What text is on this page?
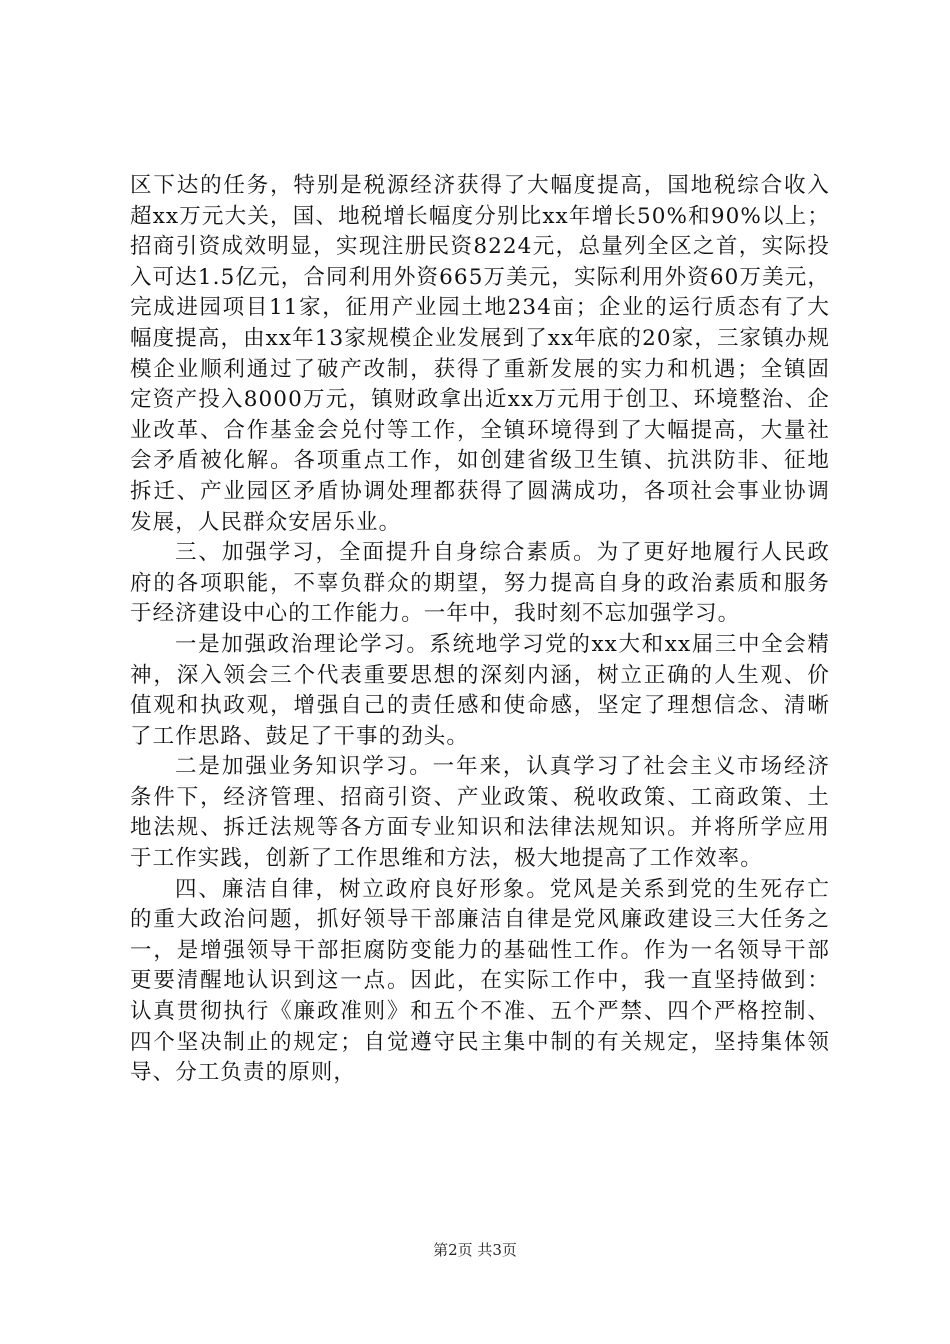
区下达的任务，特别是税源经济获得了大幅度提高，国地税综合收入超xx万元大关，国、地税增长幅度分别比xx年增长50%和90%以上；招商引资成效明显，实现注册民资8224元，总量列全区之首，实际投入可达1.5亿元，合同利用外资665万美元，实际利用外资60万美元，完成进园项目11家，征用产业园土地234亩；企业的运行质态有了大幅度提高，由xx年13家规模企业发展到了xx年底的20家，三家镇办规模企业顺利通过了破产改制，获得了重新发展的实力和机遇；全镇固定资产投入8000万元，镇财政拿出近xx万元用于创卫、环境整治、企业改革、合作基金会兑付等工作，全镇环境得到了大幅提高，大量社会矛盾被化解。各项重点工作，如创建省级卫生镇、抗洪防非、征地拆迁、产业园区矛盾协调处理都获得了圆满成功，各项社会事业协调发展，人民群众安居乐业。

三、加强学习，全面提升自身综合素质。为了更好地履行人民政府的各项职能，不辜负群众的期望，努力提高自身的政治素质和服务于经济建设中心的工作能力。一年中，我时刻不忘加强学习。

一是加强政治理论学习。系统地学习党的xx大和xx届三中全会精神，深入领会三个代表重要思想的深刻内涵，树立正确的人生观、价值观和执政观，增强自己的责任感和使命感，坚定了理想信念、清晰了工作思路、鼓足了干事的劲头。

二是加强业务知识学习。一年来，认真学习了社会主义市场经济条件下，经济管理、招商引资、产业政策、税收政策、工商政策、土地法规、拆迁法规等各方面专业知识和法律法规知识。并将所学应用于工作实践，创新了工作思维和方法，极大地提高了工作效率。

四、廉洁自律，树立政府良好形象。党风是关系到党的生死存亡的重大政治问题，抓好领导干部廉洁自律是党风廉政建设三大任务之一，是增强领导干部拒腐防变能力的基础性工作。作为一名领导干部更要清醒地认识到这一点。因此，在实际工作中，我一直坚持做到：认真贯彻执行《廉政准则》和五个不准、五个严禁、四个严格控制、四个坚决制止的规定；自觉遵守民主集中制的有关规定，坚持集体领导、分工负责的原则，

第2页 共3页
